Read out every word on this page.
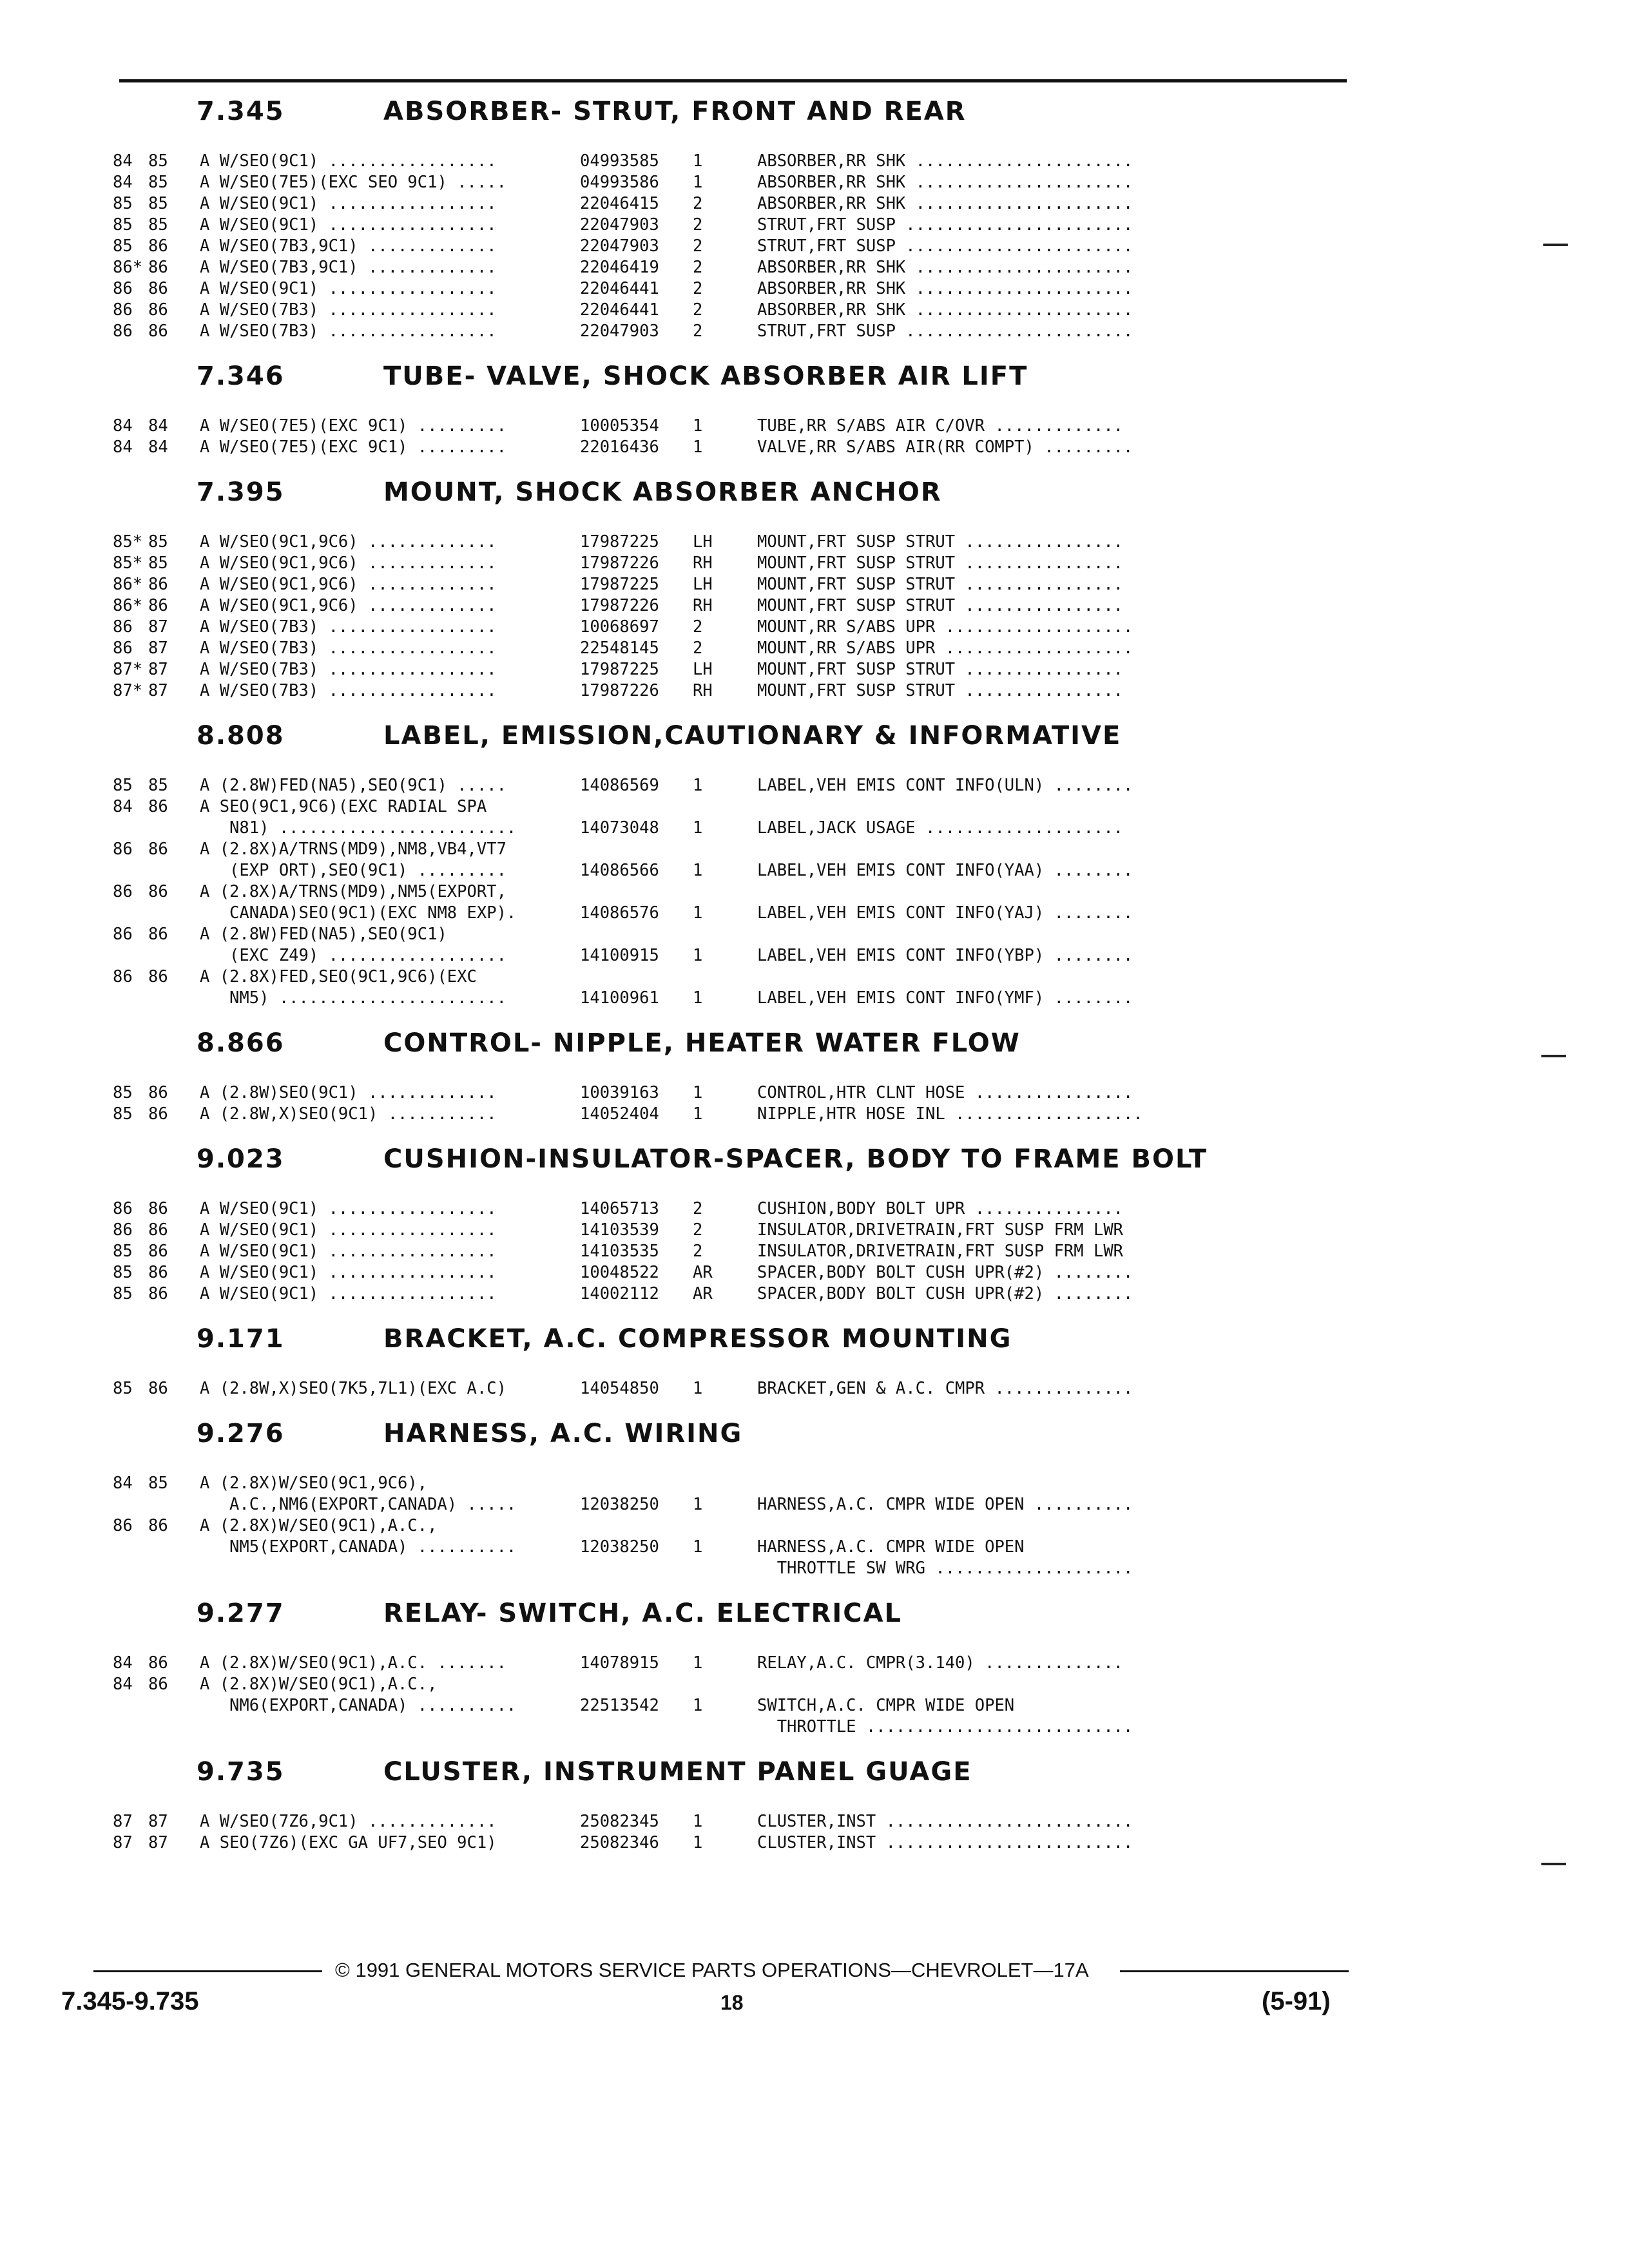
7.345	ABSORBER- STRUT, FRONT AND REAR
84 85	A W/SEO(9C1) .................	04993585	1	ABSORBER,RR SHK ......................
84 85	A W/SEO(7E5)(EXC SEO 9C1) .....	04993586	1	ABSORBER,RR SHK ......................
85 85	A W/SEO(9C1) .................	22046415	2	ABSORBER,RR SHK ......................
85 85	A W/SEO(9C1) .................	22047903	2	STRUT,FRT SUSP .......................
85 86	A W/SEO(7B3,9C1) .............	22047903	2	STRUT,FRT SUSP .......................
86* 86	A W/SEO(7B3,9C1) .............	22046419	2	ABSORBER,RR SHK ......................
86 86	A W/SEO(9C1) .................	22046441	2	ABSORBER,RR SHK ......................
86 86	A W/SEO(7B3) .................	22046441	2	ABSORBER,RR SHK ......................
86 86	A W/SEO(7B3) .................	22047903	2	STRUT,FRT SUSP .......................
7.346	TUBE- VALVE, SHOCK ABSORBER AIR LIFT
84 84	A W/SEO(7E5)(EXC 9C1) .........	10005354	1	TUBE,RR S/ABS AIR C/OVR .............
84 84	A W/SEO(7E5)(EXC 9C1) .........	22016436	1	VALVE,RR S/ABS AIR(RR COMPT) .........
7.395	MOUNT, SHOCK ABSORBER ANCHOR
85* 85	A W/SEO(9C1,9C6) .............	17987225	LH	MOUNT,FRT SUSP STRUT ................
85* 85	A W/SEO(9C1,9C6) .............	17987226	RH	MOUNT,FRT SUSP STRUT ................
86* 86	A W/SEO(9C1,9C6) .............	17987225	LH	MOUNT,FRT SUSP STRUT ................
86* 86	A W/SEO(9C1,9C6) .............	17987226	RH	MOUNT,FRT SUSP STRUT ................
86 87	A W/SEO(7B3) .................	10068697	2	MOUNT,RR S/ABS UPR ...................
86 87	A W/SEO(7B3) .................	22548145	2	MOUNT,RR S/ABS UPR ...................
87* 87	A W/SEO(7B3) .................	17987225	LH	MOUNT,FRT SUSP STRUT ................
87* 87	A W/SEO(7B3) .................	17987226	RH	MOUNT,FRT SUSP STRUT ................
8.808	LABEL, EMISSION,CAUTIONARY & INFORMATIVE
85 85	A (2.8W)FED(NA5),SEO(9C1) .....	14086569	1	LABEL,VEH EMIS CONT INFO(ULN) ........
84 86	A SEO(9C1,9C6)(EXC RADIAL SPA
N81) ........................	14073048	1	LABEL,JACK USAGE ....................
86 86	A (2.8X)A/TRNS(MD9),NM8,VB4,VT7
(EXP ORT),SEO(9C1) .........	14086566	1	LABEL,VEH EMIS CONT INFO(YAA) ........
86 86	A (2.8X)A/TRNS(MD9),NM5(EXPORT,
CANADA)SEO(9C1)(EXC NM8 EXP).	14086576	1	LABEL,VEH EMIS CONT INFO(YAJ) ........
86 86	A (2.8W)FED(NA5),SEO(9C1)
(EXC Z49) ..................	14100915	1	LABEL,VEH EMIS CONT INFO(YBP) ........
86 86	A (2.8X)FED,SEO(9C1,9C6)(EXC
NM5) .......................	14100961	1	LABEL,VEH EMIS CONT INFO(YMF) ........
8.866	CONTROL- NIPPLE, HEATER WATER FLOW
85 86	A (2.8W)SEO(9C1) .............	10039163	1	CONTROL,HTR CLNT HOSE ................
85 86	A (2.8W,X)SEO(9C1) ...........	14052404	1	NIPPLE,HTR HOSE INL ...................
9.023	CUSHION-INSULATOR-SPACER, BODY TO FRAME BOLT
86 86	A W/SEO(9C1) .................	14065713	2	CUSHION,BODY BOLT UPR ...............
86 86	A W/SEO(9C1) .................	14103539	2	INSULATOR,DRIVETRAIN,FRT SUSP FRM LWR
85 86	A W/SEO(9C1) .................	14103535	2	INSULATOR,DRIVETRAIN,FRT SUSP FRM LWR
85 86	A W/SEO(9C1) .................	10048522	AR	SPACER,BODY BOLT CUSH UPR(#2) ........
85 86	A W/SEO(9C1) .................	14002112	AR	SPACER,BODY BOLT CUSH UPR(#2) ........
9.171	BRACKET, A.C. COMPRESSOR MOUNTING
85 86	A (2.8W,X)SEO(7K5,7L1)(EXC A.C)	14054850	1	BRACKET,GEN & A.C. CMPR ..............
9.276	HARNESS, A.C. WIRING
84 85	A (2.8X)W/SEO(9C1,9C6),
A.C.,NM6(EXPORT,CANADA) .....	12038250	1	HARNESS,A.C. CMPR WIDE OPEN ..........
86 86	A (2.8X)W/SEO(9C1),A.C.,
NM5(EXPORT,CANADA) ..........	12038250	1	HARNESS,A.C. CMPR WIDE OPEN
THROTTLE SW WRG ....................
9.277	RELAY- SWITCH, A.C. ELECTRICAL
84 86	A (2.8X)W/SEO(9C1),A.C. .......	14078915	1	RELAY,A.C. CMPR(3.140) ..............
84 86	A (2.8X)W/SEO(9C1),A.C.,
NM6(EXPORT,CANADA) ..........	22513542	1	SWITCH,A.C. CMPR WIDE OPEN
THROTTLE ...........................
9.735	CLUSTER, INSTRUMENT PANEL GUAGE
87 87	A W/SEO(7Z6,9C1) .............	25082345	1	CLUSTER,INST .........................
87 87	A SEO(7Z6)(EXC GA UF7,SEO 9C1)	25082346	1	CLUSTER,INST .........................
© 1991 GENERAL MOTORS SERVICE PARTS OPERATIONS—CHEVROLET—17A
7.345-9.735	18	(5-91)
